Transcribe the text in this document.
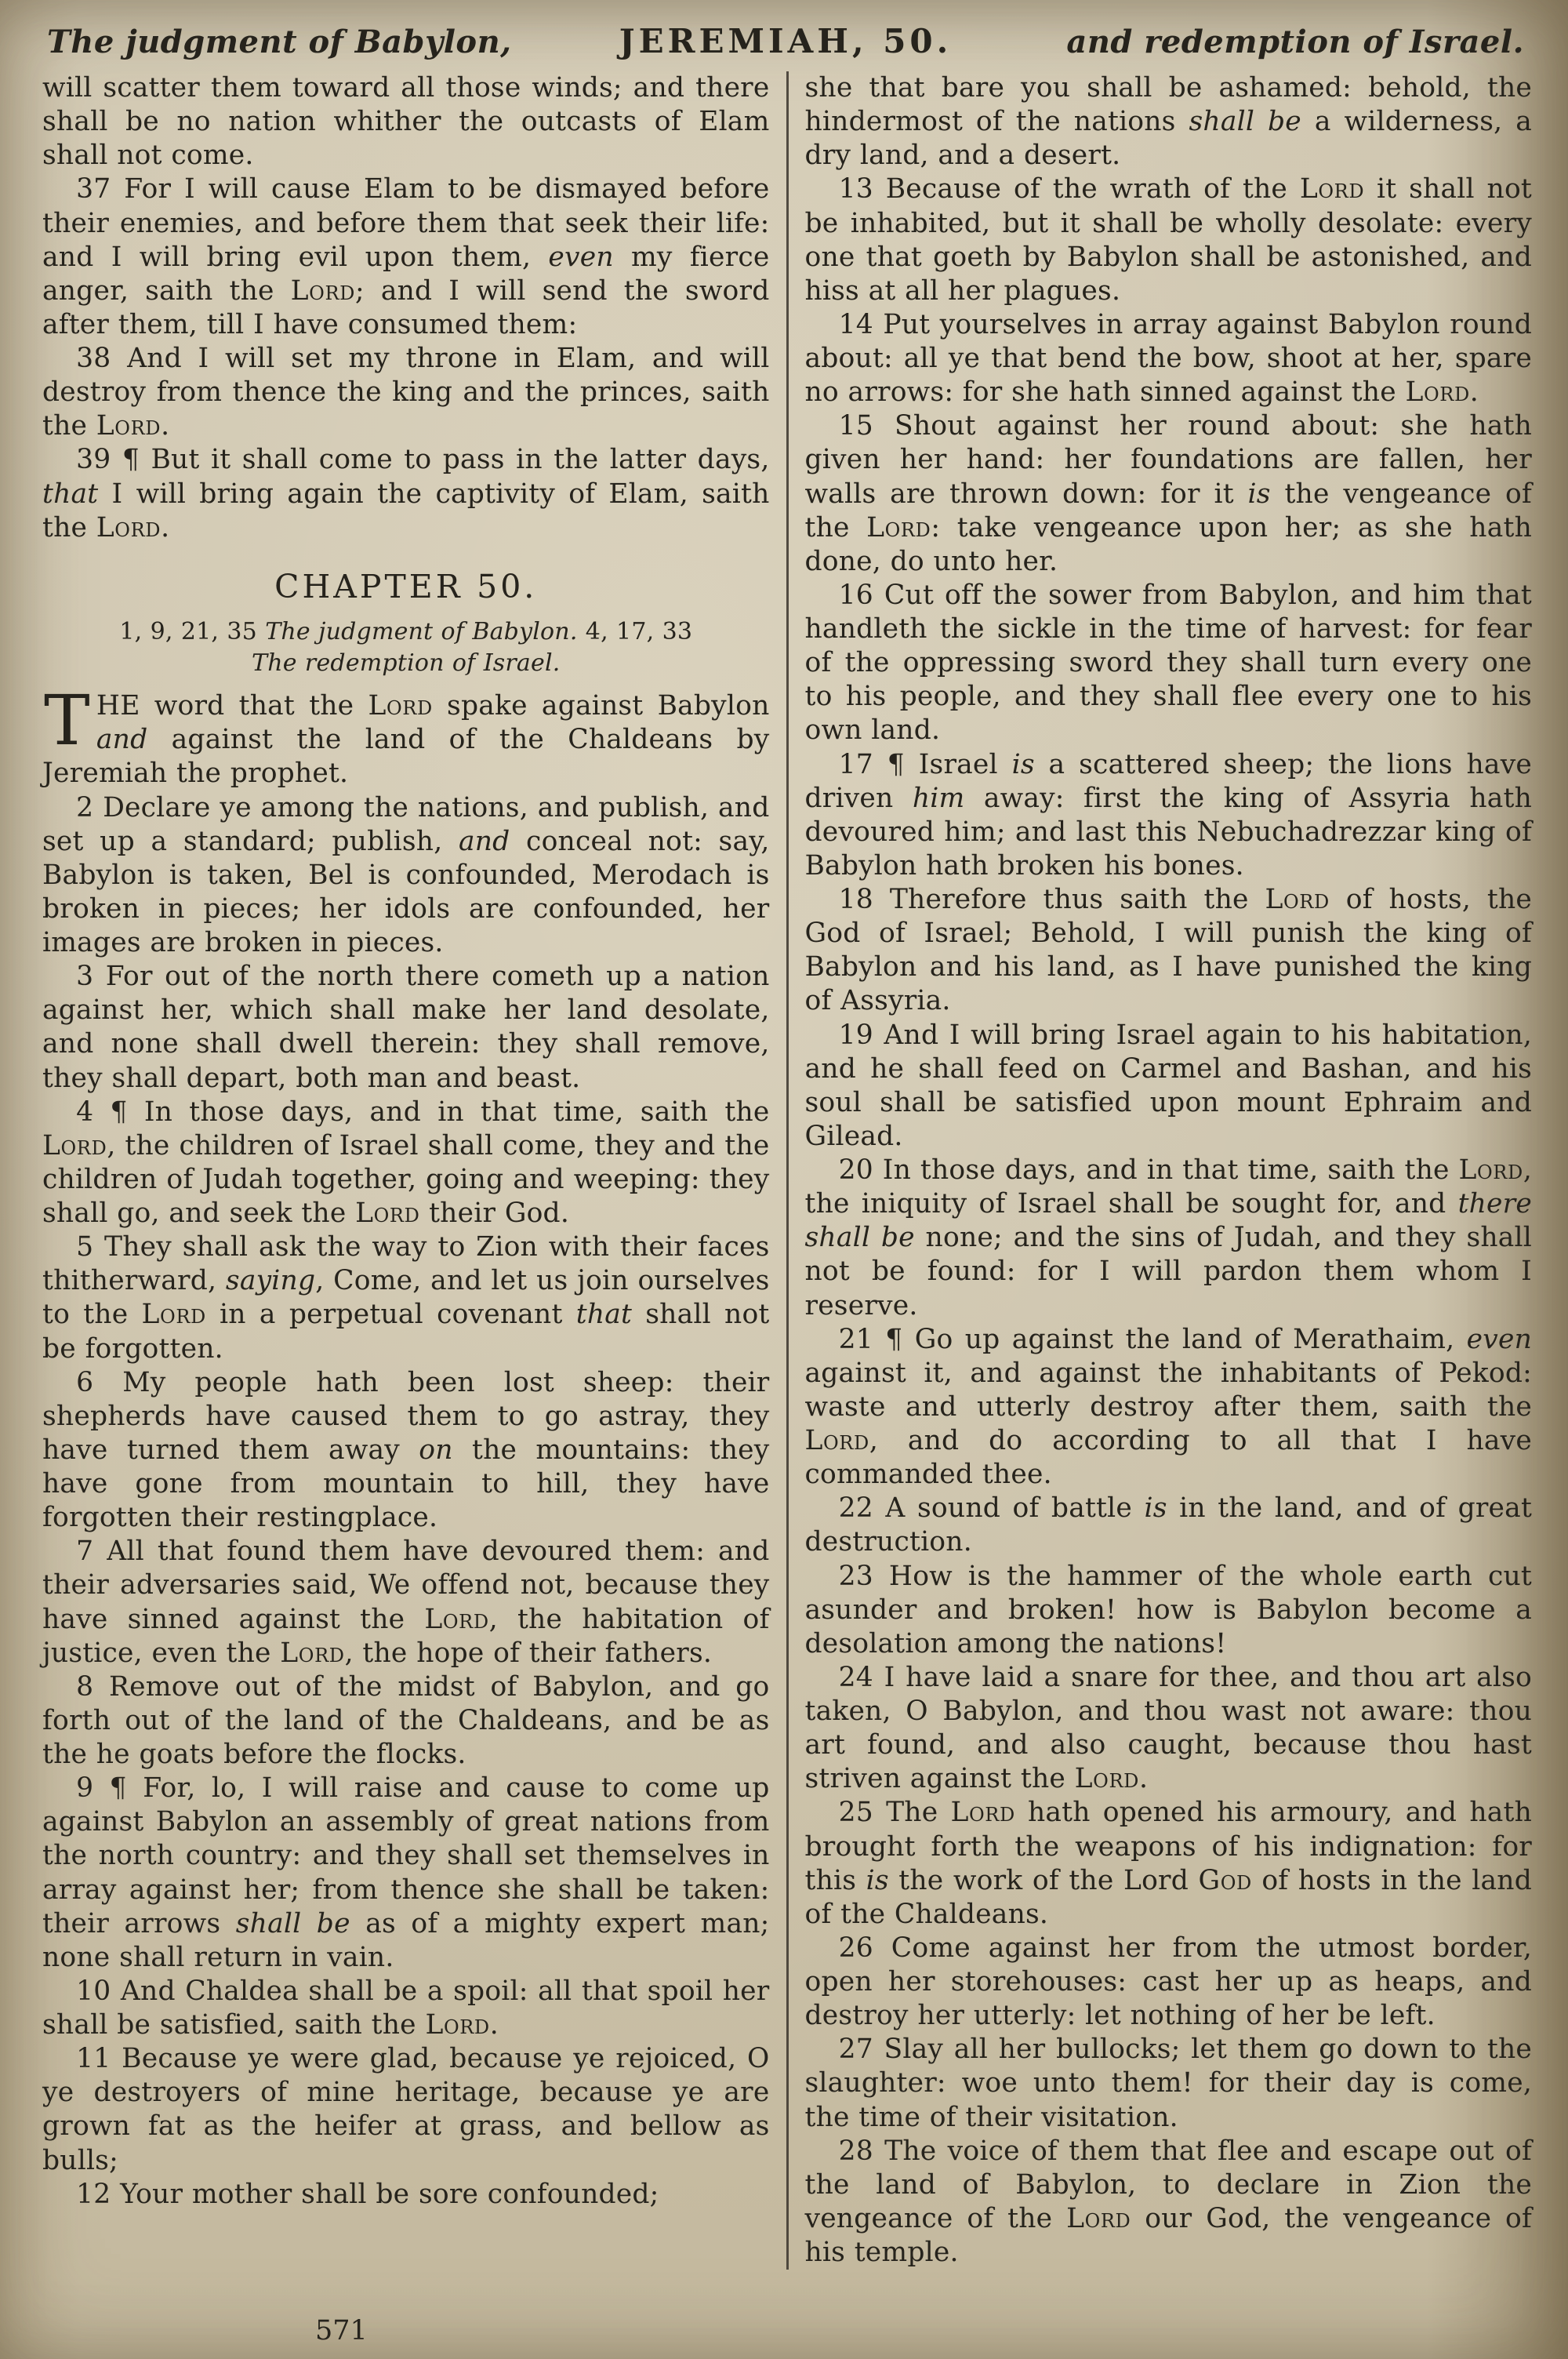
The judgment of Babylon,	JEREMIAH, 50.	and redemption of Israel.

will scatter them toward all those winds; and there shall be no nation whither the outcasts of Elam shall not come.

37 For I will cause Elam to be dismayed before their enemies, and before them that seek their life: and I will bring evil upon them, even my fierce anger, saith the Lord; and I will send the sword after them, till I have consumed them:

38 And I will set my throne in Elam, and will destroy from thence the king and the princes, saith the Lord.

39 ¶ But it shall come to pass in the latter days, that I will bring again the captivity of Elam, saith the Lord.

CHAPTER 50.

1, 9, 21, 35 The judgment of Babylon. 4, 17, 33
The redemption of Israel.

THE word that the Lord spake against Babylon and against the land of the Chaldeans by Jeremiah the prophet.

2 Declare ye among the nations, and publish, and set up a standard; publish, and conceal not: say, Babylon is taken, Bel is confounded, Merodach is broken in pieces; her idols are confounded, her images are broken in pieces.

3 For out of the north there cometh up a nation against her, which shall make her land desolate, and none shall dwell therein: they shall remove, they shall depart, both man and beast.

4 ¶ In those days, and in that time, saith the Lord, the children of Israel shall come, they and the children of Judah together, going and weeping: they shall go, and seek the Lord their God.

5 They shall ask the way to Zion with their faces thitherward, saying, Come, and let us join ourselves to the Lord in a perpetual covenant that shall not be forgotten.

6 My people hath been lost sheep: their shepherds have caused them to go astray, they have turned them away on the mountains: they have gone from mountain to hill, they have forgotten their restingplace.

7 All that found them have devoured them: and their adversaries said, We offend not, because they have sinned against the Lord, the habitation of justice, even the Lord, the hope of their fathers.

8 Remove out of the midst of Babylon, and go forth out of the land of the Chaldeans, and be as the he goats before the flocks.

9 ¶ For, lo, I will raise and cause to come up against Babylon an assembly of great nations from the north country: and they shall set themselves in array against her; from thence she shall be taken: their arrows shall be as of a mighty expert man; none shall return in vain.

10 And Chaldea shall be a spoil: all that spoil her shall be satisfied, saith the Lord.

11 Because ye were glad, because ye rejoiced, O ye destroyers of mine heritage, because ye are grown fat as the heifer at grass, and bellow as bulls;

12 Your mother shall be sore confounded;

she that bare you shall be ashamed: behold, the hindermost of the nations shall be a wilderness, a dry land, and a desert.

13 Because of the wrath of the Lord it shall not be inhabited, but it shall be wholly desolate: every one that goeth by Babylon shall be astonished, and hiss at all her plagues.

14 Put yourselves in array against Babylon round about: all ye that bend the bow, shoot at her, spare no arrows: for she hath sinned against the Lord.

15 Shout against her round about: she hath given her hand: her foundations are fallen, her walls are thrown down: for it is the vengeance of the Lord: take vengeance upon her; as she hath done, do unto her.

16 Cut off the sower from Babylon, and him that handleth the sickle in the time of harvest: for fear of the oppressing sword they shall turn every one to his people, and they shall flee every one to his own land.

17 ¶ Israel is a scattered sheep; the lions have driven him away: first the king of Assyria hath devoured him; and last this Nebuchadrezzar king of Babylon hath broken his bones.

18 Therefore thus saith the Lord of hosts, the God of Israel; Behold, I will punish the king of Babylon and his land, as I have punished the king of Assyria.

19 And I will bring Israel again to his habitation, and he shall feed on Carmel and Bashan, and his soul shall be satisfied upon mount Ephraim and Gilead.

20 In those days, and in that time, saith the Lord, the iniquity of Israel shall be sought for, and there shall be none; and the sins of Judah, and they shall not be found: for I will pardon them whom I reserve.

21 ¶ Go up against the land of Merathaim, even against it, and against the inhabitants of Pekod: waste and utterly destroy after them, saith the Lord, and do according to all that I have commanded thee.

22 A sound of battle is in the land, and of great destruction.

23 How is the hammer of the whole earth cut asunder and broken! how is Babylon become a desolation among the nations!

24 I have laid a snare for thee, and thou art also taken, O Babylon, and thou wast not aware: thou art found, and also caught, because thou hast striven against the Lord.

25 The Lord hath opened his armoury, and hath brought forth the weapons of his indignation: for this is the work of the Lord God of hosts in the land of the Chaldeans.

26 Come against her from the utmost border, open her storehouses: cast her up as heaps, and destroy her utterly: let nothing of her be left.

27 Slay all her bullocks; let them go down to the slaughter: woe unto them! for their day is come, the time of their visitation.

28 The voice of them that flee and escape out of the land of Babylon, to declare in Zion the vengeance of the Lord our God, the vengeance of his temple.

571
